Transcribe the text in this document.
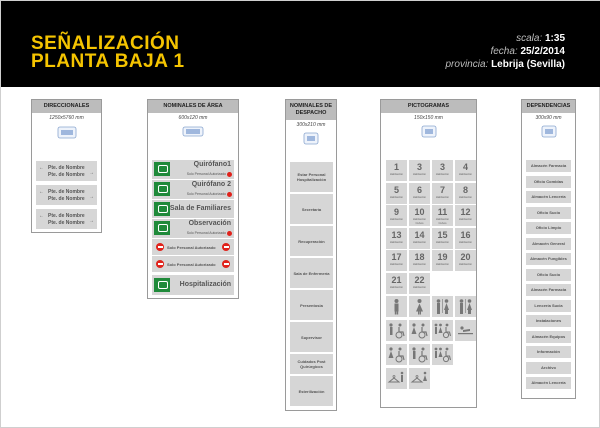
SEÑALIZACIÓN
PLANTA BAJA 1
scala: 1:35
fecha: 25/2/2014
provincia: Lebrija (Sevilla)
DIRECCIONALES
1250x5760 mm
← Pte. de Nombre
Pte. de Nombre →
← Pte. de Nombre
Pte. de Nombre →
← Pte. de Nombre
Pte. de Nombre →
NOMINALES DE ÁREA
600x120 mm
Quirófano1
Solo Personal Autorizado
Quirófano 2
Solo Personal Autorizado
Sala de Familiares
Observación
Solo Personal Autorizado
Solo Personal Autorizado
Solo Personal Autorizado
Hospitalización
NOMINALES DE DESPACHO
300x210 mm
Estar Personal Hospitalización
Secretaría
Recuperación
Sala de Enfermería
Presentosia
Supervisor
Cuidados Post Quirúrgicos
Esterilización
PICTOGRAMAS
150x150 mm
1
Habitación
3
Habitación
3
Habitación
4
Habitación
5
Habitación
6
Habitación
7
Habitación
8
Habitación
9
Habitación
10
Habitación Cubos
11
Habitación Cubos
12
Habitación
13
Habitación
14
Habitación
15
Habitación
16
Habitación
17
Habitación
18
Habitación
19
Habitación
20
Habitación
21
Habitación
22
Habitación
DEPENDENCIAS
300x90 mm
Almacén Farmacia
Oficio Comidas
Almacén Lencería
Oficio Sucio
Oficio Limpio
Almacén General
Almacén Fungibles
Oficio Sucio
Almacén Farmacia
Lencería Sucia
Instalaciones
Almacén Equipos
Información
Archivo
Almacén Lencería
